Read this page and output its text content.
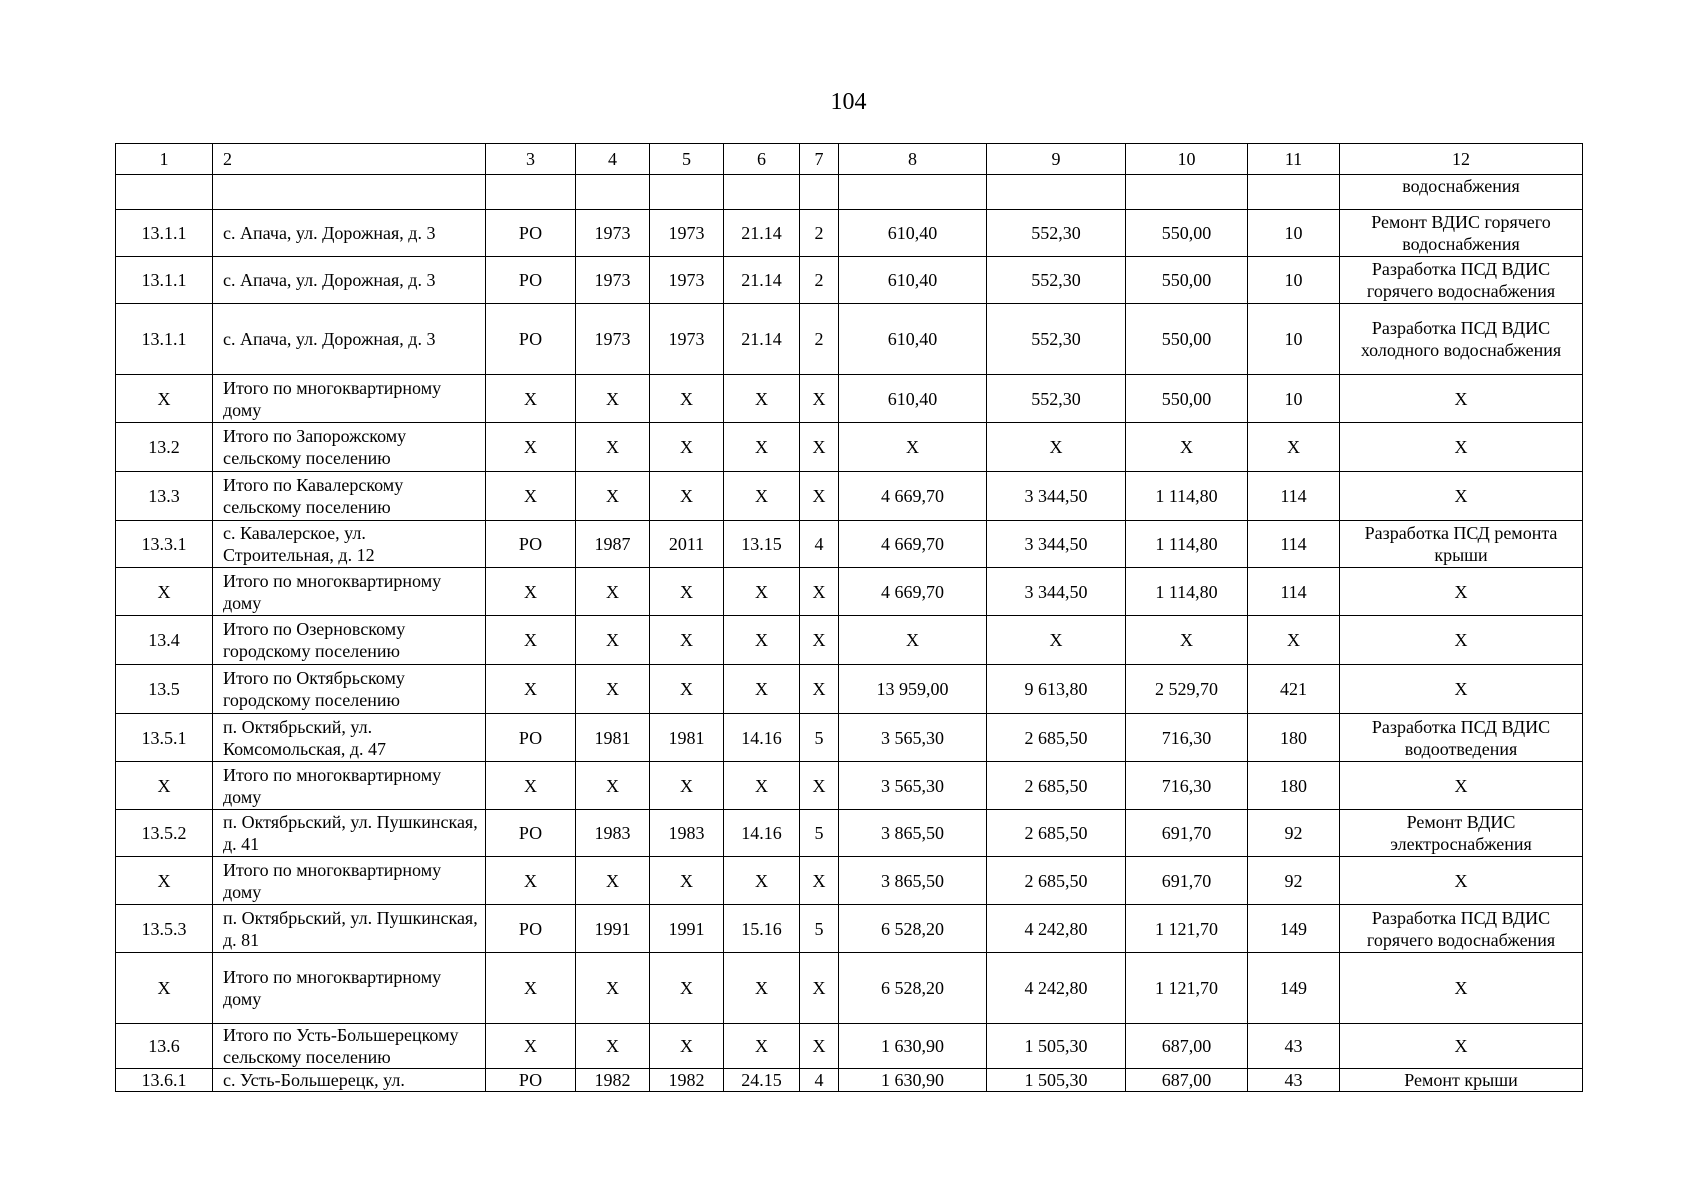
104
1	2	3	4	5	6	7	8	9	10	11	12
											водоснабжения
13.1.1	с. Апача, ул. Дорожная, д. 3	РО	1973	1973	21.14	2	610,40	552,30	550,00	10	Ремонт ВДИС горячего водоснабжения
13.1.1	с. Апача, ул. Дорожная, д. 3	РО	1973	1973	21.14	2	610,40	552,30	550,00	10	Разработка ПСД ВДИС горячего водоснабжения
13.1.1	с. Апача, ул. Дорожная, д. 3	РО	1973	1973	21.14	2	610,40	552,30	550,00	10	Разработка ПСД ВДИС холодного водоснабжения
X	Итого по многоквартирному дому	X	X	X	X	X	610,40	552,30	550,00	10	X
13.2	Итого по Запорожскому сельскому поселению	X	X	X	X	X	X	X	X	X	X
13.3	Итого по Кавалерскому сельскому поселению	X	X	X	X	X	4 669,70	3 344,50	1 114,80	114	X
13.3.1	с. Кавалерское, ул. Строительная, д. 12	РО	1987	2011	13.15	4	4 669,70	3 344,50	1 114,80	114	Разработка ПСД ремонта крыши
X	Итого по многоквартирному дому	X	X	X	X	X	4 669,70	3 344,50	1 114,80	114	X
13.4	Итого по Озерновскому городскому поселению	X	X	X	X	X	X	X	X	X	X
13.5	Итого по Октябрьскому городскому поселению	X	X	X	X	X	13 959,00	9 613,80	2 529,70	421	X
13.5.1	п. Октябрьский, ул. Комсомольская, д. 47	РО	1981	1981	14.16	5	3 565,30	2 685,50	716,30	180	Разработка ПСД ВДИС водоотведения
X	Итого по многоквартирному дому	X	X	X	X	X	3 565,30	2 685,50	716,30	180	X
13.5.2	п. Октябрьский, ул. Пушкинская, д. 41	РО	1983	1983	14.16	5	3 865,50	2 685,50	691,70	92	Ремонт ВДИС электроснабжения
X	Итого по многоквартирному дому	X	X	X	X	X	3 865,50	2 685,50	691,70	92	X
13.5.3	п. Октябрьский, ул. Пушкинская, д. 81	РО	1991	1991	15.16	5	6 528,20	4 242,80	1 121,70	149	Разработка ПСД ВДИС горячего водоснабжения
X	Итого по многоквартирному дому	X	X	X	X	X	6 528,20	4 242,80	1 121,70	149	X
13.6	Итого по Усть-Большерецкому сельскому поселению	X	X	X	X	X	1 630,90	1 505,30	687,00	43	X
13.6.1	с. Усть-Большерецк, ул.	РО	1982	1982	24.15	4	1 630,90	1 505,30	687,00	43	Ремонт крыши
